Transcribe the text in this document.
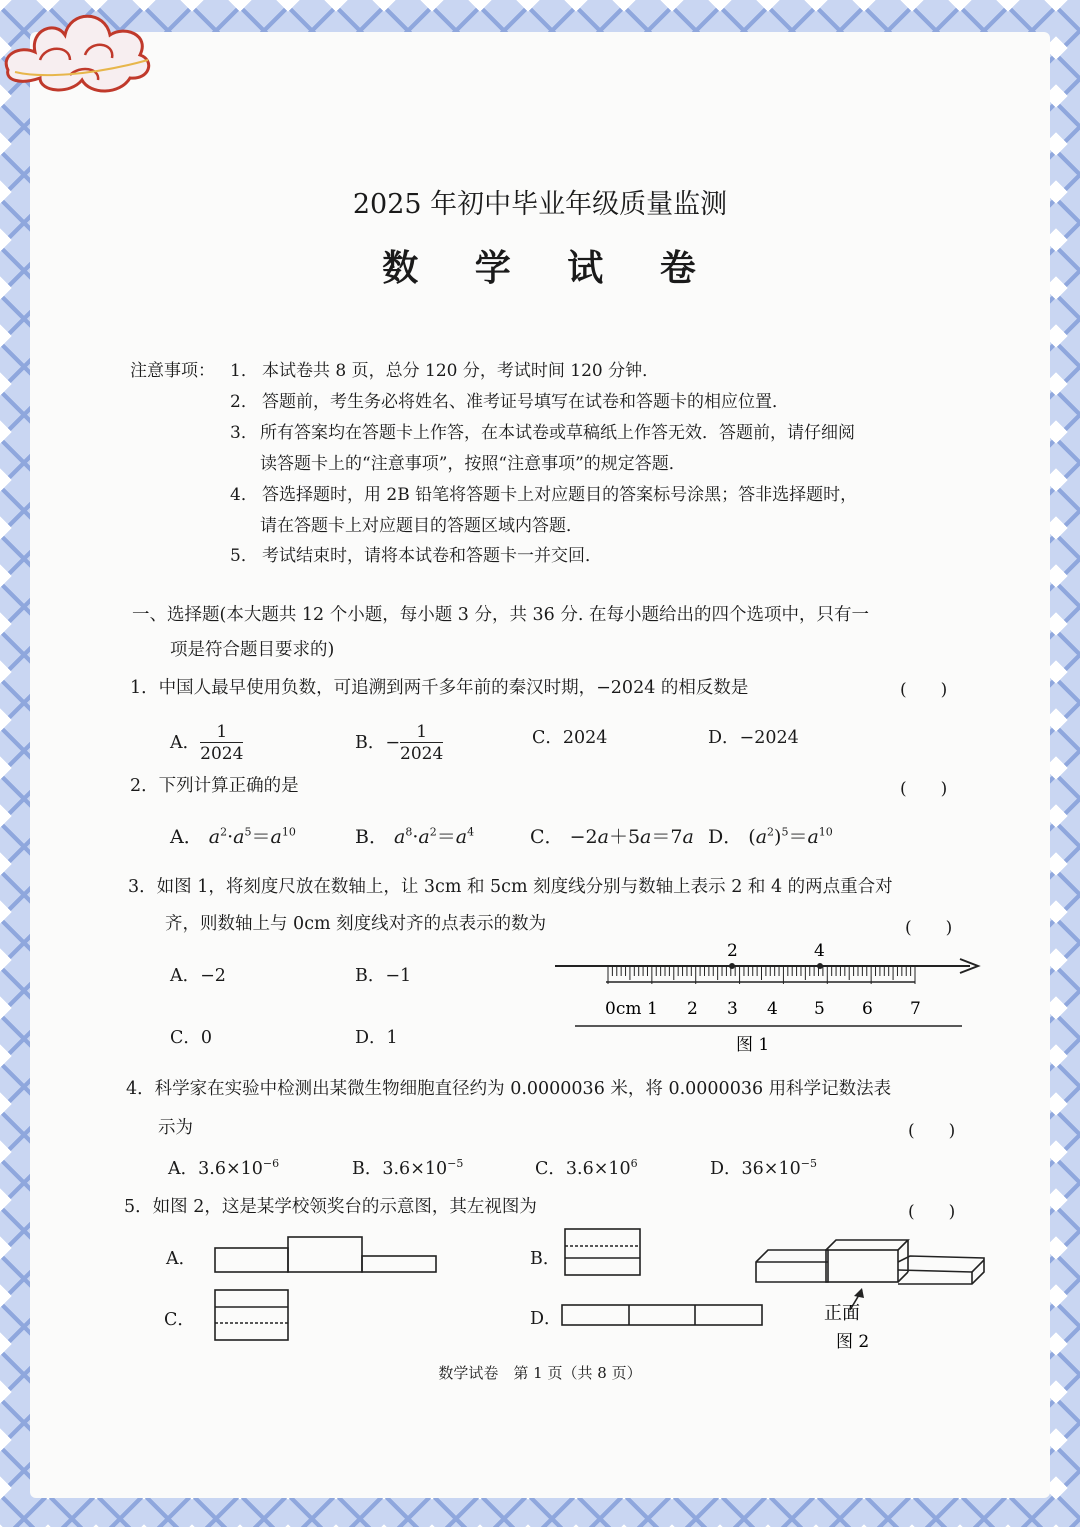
2025 年初中毕业年级质量监测
数 学 试 卷
注意事项： 1． 本试卷共 8 页，总分 120 分，考试时间 120 分钟．
2． 答题前，考生务必将姓名、准考证号填写在试卷和答题卡的相应位置．
3． 所有答案均在答题卡上作答，在本试卷或草稿纸上作答无效．答题前，请仔细阅
读答题卡上的“注意事项”，按照“注意事项”的规定答题．
4． 答选择题时，用 2B 铅笔将答题卡上对应题目的答案标号涂黑；答非选择题时，
请在答题卡上对应题目的答题区域内答题．
5． 考试结束时，请将本试卷和答题卡一并交回．
一、选择题(本大题共 12 个小题，每小题 3 分，共 36 分. 在每小题给出的四个选项中，只有一
项是符合题目要求的)
1．中国人最早使用负数，可追溯到两千多年前的秦汉时期，−2024 的相反数是	(　　)
A． $\frac{1}{2024}$	B．− $\frac{1}{2024}$	C．2024	D．−2024
2．下列计算正确的是	(　　)
A． $a^2\cdot a^5=a^{10}$	B． $a^8\cdot a^2=a^4$	C． −2a＋5a＝7a D． $(a^2)^5=a^{10}$
3．如图 1，将刻度尺放在数轴上，让 3cm 和 5cm 刻度线分别与数轴上表示 2 和 4 的两点重合对
齐，则数轴上与 0cm 刻度线对齐的点表示的数为	(　　)
A．−2	B．−1
C．0	D．1
2	4
0cm 1 2 3 4 5 6 7
图 1
4．科学家在实验中检测出某微生物细胞直径约为 0.0000036 米，将 0.0000036 用科学记数法表
示为	(　　)
A．$3.6\times 10^{-6}$	B．$3.6\times 10^{-5}$	C．$3.6\times 10^6$	D．$36\times 10^{-5}$
5．如图 2，这是某学校领奖台的示意图，其左视图为	(　　)
A．	B．
C．	D．	正面
图 2
数学试卷　第 1 页（共 8 页）
